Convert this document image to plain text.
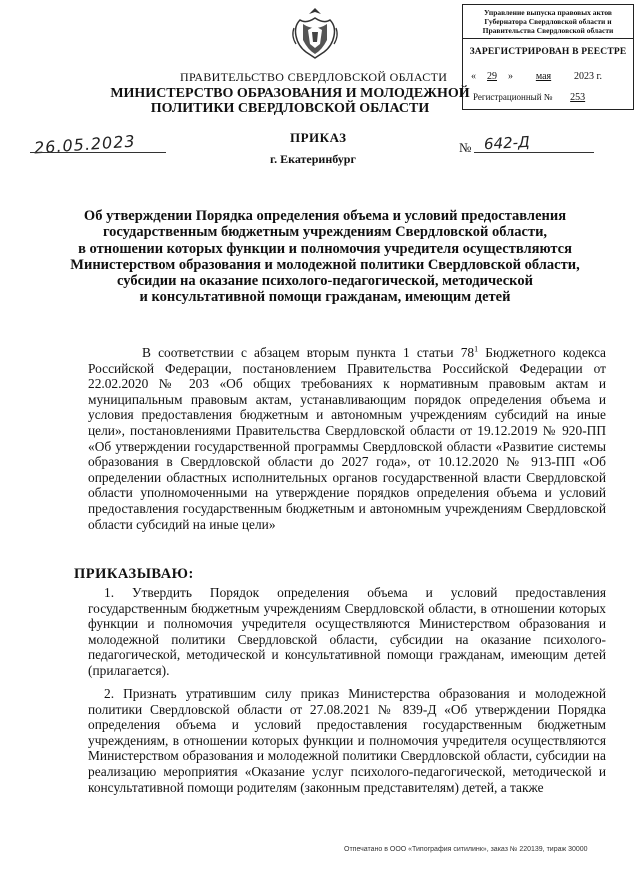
Управление выпуска правовых актов Губернатора Свердловской области и Правительства Свердловской области
ЗАРЕГИСТРИРОВАН В РЕЕСТРЕ
« 29 » мая 2023 г.
Регистрационный № 253
ПРАВИТЕЛЬСТВО СВЕРДЛОВСКОЙ ОБЛАСТИ
МИНИСТЕРСТВО ОБРАЗОВАНИЯ И МОЛОДЕЖНОЙ ПОЛИТИКИ СВЕРДЛОВСКОЙ ОБЛАСТИ
ПРИКАЗ
26.05.2023	№ 642-Д
г. Екатеринбург
Об утверждении Порядка определения объема и условий предоставления
государственным бюджетным учреждениям Свердловской области,
в отношении которых функции и полномочия учредителя осуществляются
Министерством образования и молодежной политики Свердловской области,
субсидии на оказание психолого-педагогической, методической
и консультативной помощи гражданам, имеющим детей
В соответствии с абзацем вторым пункта 1 статьи $78^1$ Бюджетного кодекса Российской Федерации, постановлением Правительства Российской Федерации от 22.02.2020 № 203 «Об общих требованиях к нормативным правовым актам и муниципальным правовым актам, устанавливающим порядок определения объема и условия предоставления бюджетным и автономным учреждениям субсидий на иные цели», постановлениями Правительства Свердловской области от 19.12.2019 № 920-ПП «Об утверждении государственной программы Свердловской области «Развитие системы образования в Свердловской области до 2027 года», от 10.12.2020 № 913-ПП «Об определении областных исполнительных органов государственной власти Свердловской области уполномоченными на утверждение порядков определения объема и условий предоставления государственным бюджетным и автономным учреждениям Свердловской области субсидий на иные цели»
ПРИКАЗЫВАЮ:
1. Утвердить Порядок определения объема и условий предоставления государственным бюджетным учреждениям Свердловской области, в отношении которых функции и полномочия учредителя осуществляются Министерством образования и молодежной политики Свердловской области, субсидии на оказание психолого-педагогической, методической и консультативной помощи гражданам, имеющим детей (прилагается).
2. Признать утратившим силу приказ Министерства образования и молодежной политики Свердловской области от 27.08.2021 № 839-Д «Об утверждении Порядка определения объема и условий предоставления государственным бюджетным учреждениям, в отношении которых функции и полномочия учредителя осуществляются Министерством образования и молодежной политики Свердловской области, субсидии на реализацию мероприятия «Оказание услуг психолого-педагогической, методической и консультативной помощи родителям (законным представителям) детей, а также
Отпечатано в ООО «Типография ситилинк», заказ № 220139, тираж 30000
